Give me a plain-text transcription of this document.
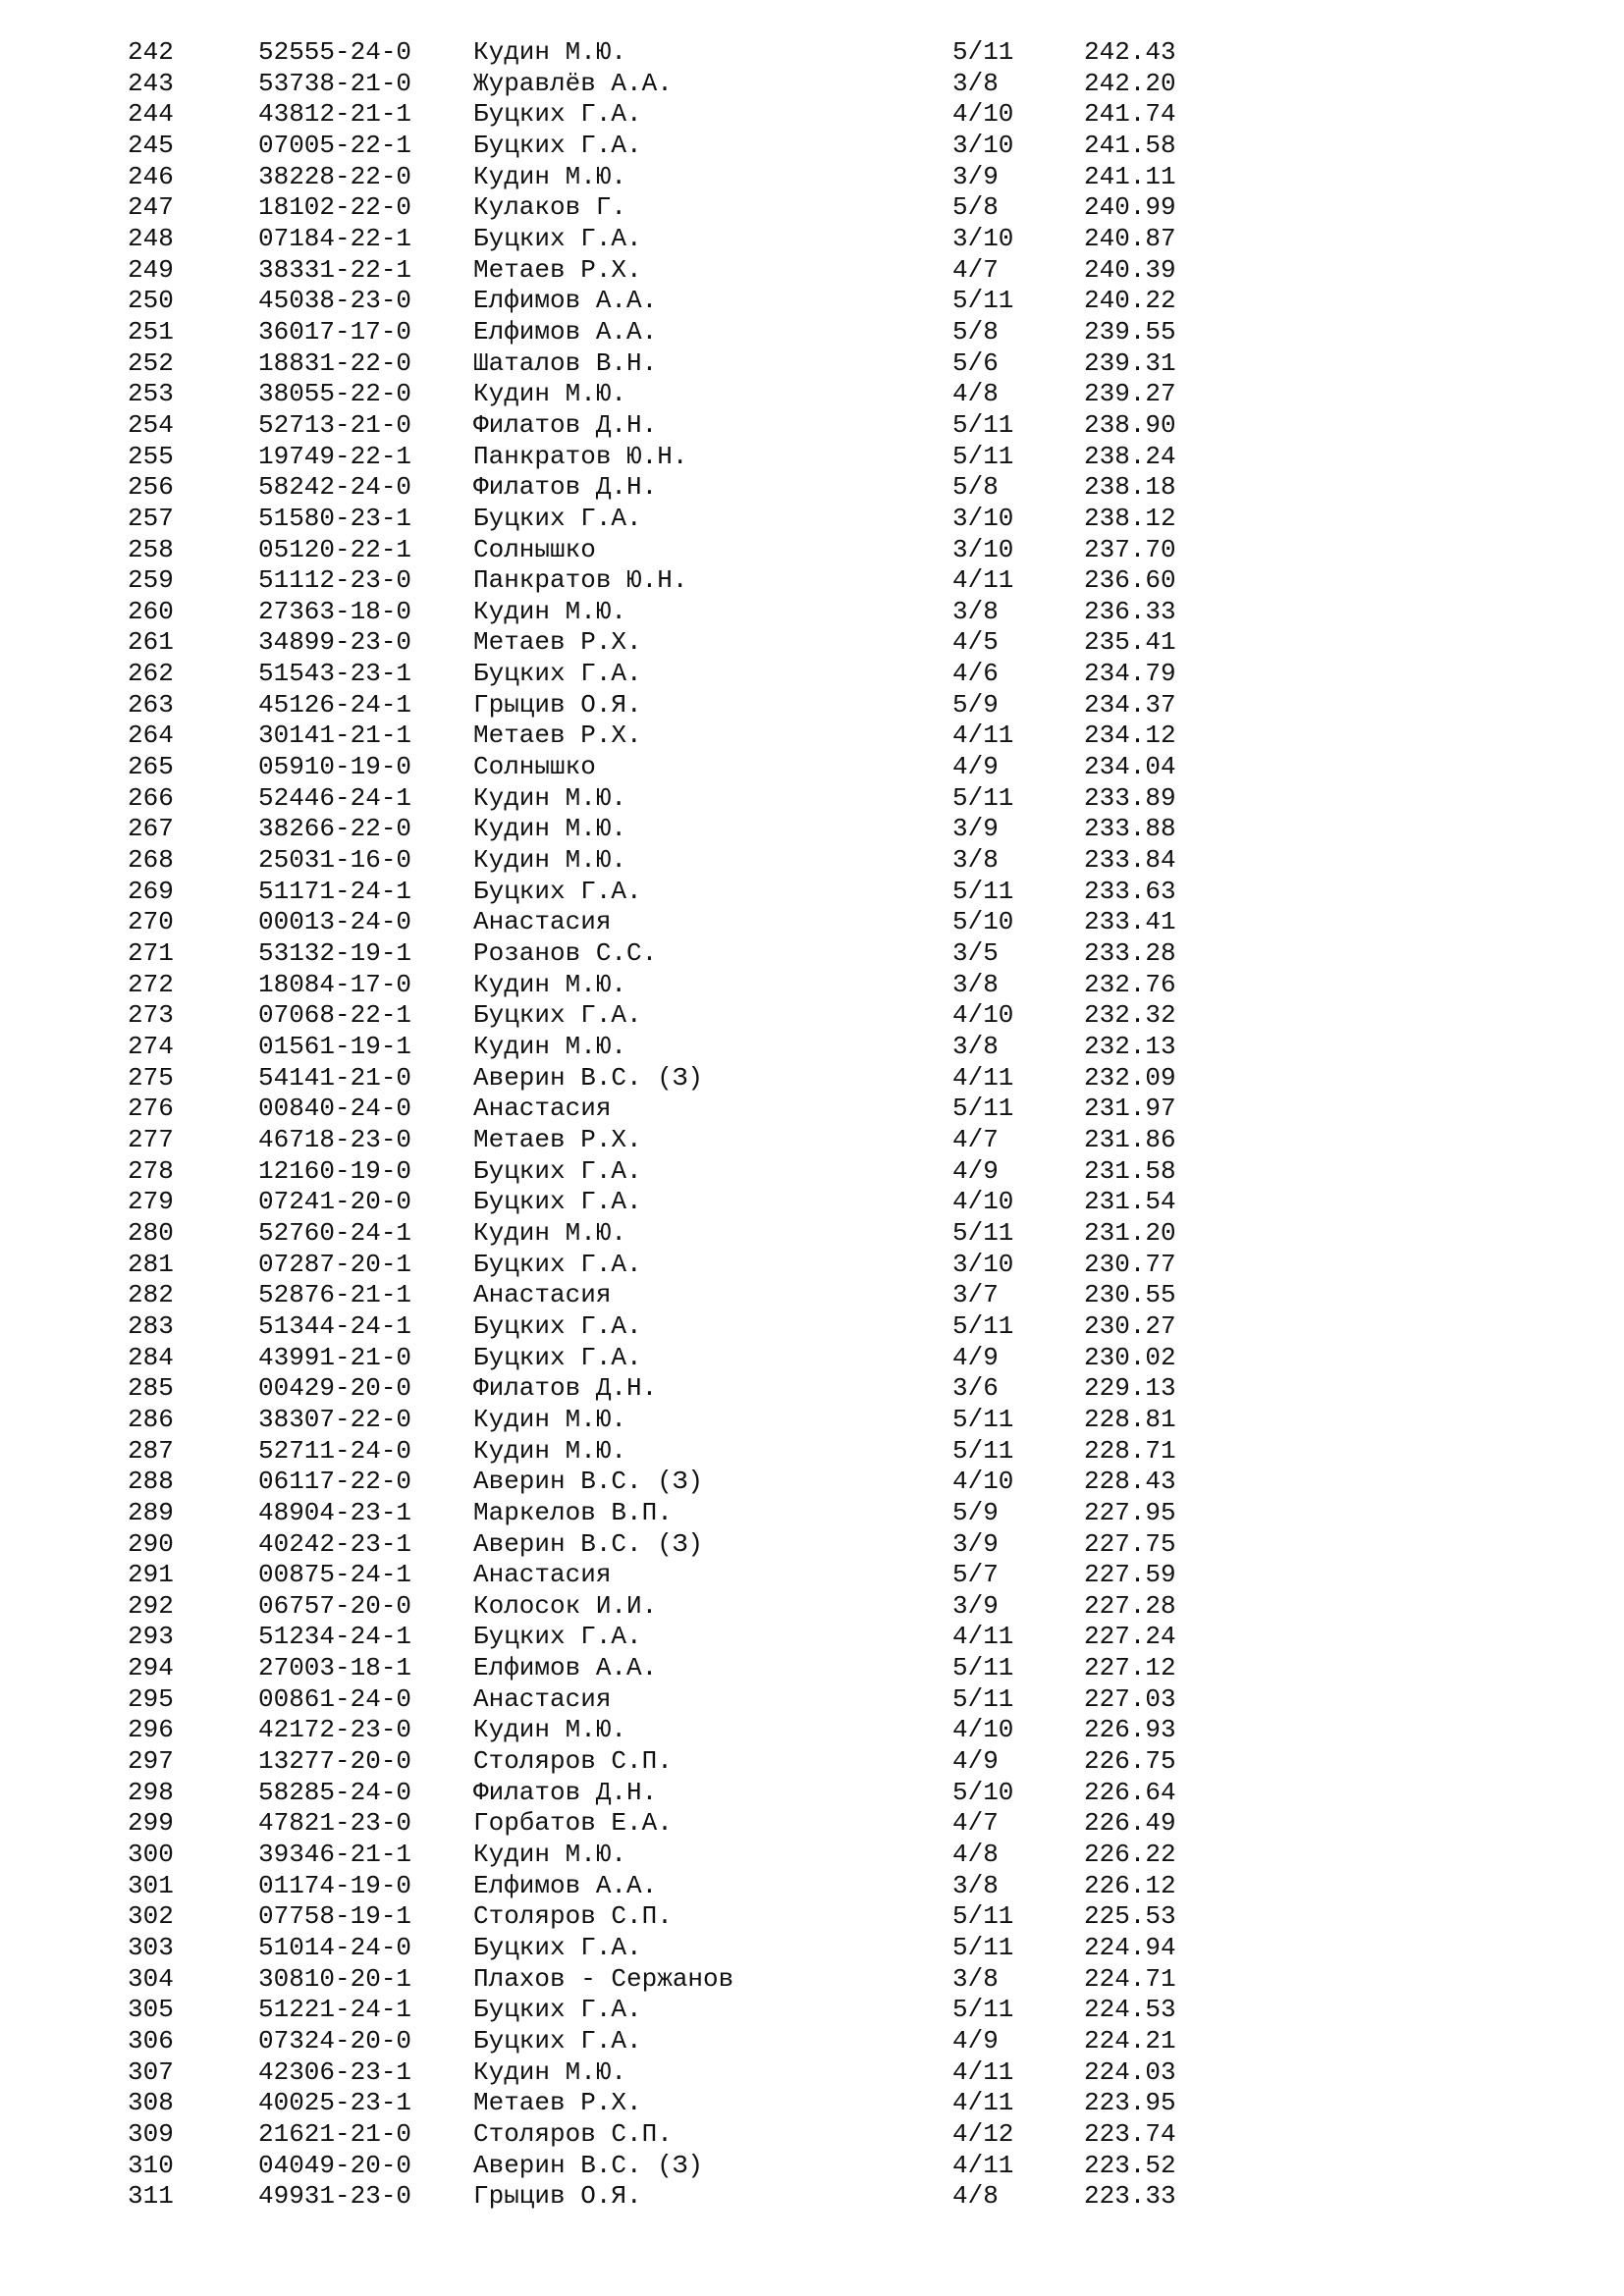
242	52555-24-0 Кудин М.Ю.	5/11	242.43
243	53738-21-0 Журавлёв А.А.	3/8	242.20
244	43812-21-1 Буцких Г.А.	4/10	241.74
245	07005-22-1 Буцких Г.А.	3/10	241.58
246	38228-22-0 Кудин М.Ю.	3/9	241.11
247	18102-22-0 Кулаков Г.	5/8	240.99
248	07184-22-1 Буцких Г.А.	3/10	240.87
249	38331-22-1 Метаев Р.Х.	4/7	240.39
250	45038-23-0 Елфимов А.А.	5/11	240.22
251	36017-17-0 Елфимов А.А.	5/8	239.55
252	18831-22-0 Шаталов В.Н.	5/6	239.31
253	38055-22-0 Кудин М.Ю.	4/8	239.27
254	52713-21-0 Филатов Д.Н.	5/11	238.90
255	19749-22-1 Панкратов Ю.Н.	5/11	238.24
256	58242-24-0 Филатов Д.Н.	5/8	238.18
257	51580-23-1 Буцких Г.А.	3/10	238.12
258	05120-22-1 Солнышко	3/10	237.70
259	51112-23-0 Панкратов Ю.Н.	4/11	236.60
260	27363-18-0 Кудин М.Ю.	3/8	236.33
261	34899-23-0 Метаев Р.Х.	4/5	235.41
262	51543-23-1 Буцких Г.А.	4/6	234.79
263	45126-24-1 Грыцив О.Я.	5/9	234.37
264	30141-21-1 Метаев Р.Х.	4/11	234.12
265	05910-19-0 Солнышко	4/9	234.04
266	52446-24-1 Кудин М.Ю.	5/11	233.89
267	38266-22-0 Кудин М.Ю.	3/9	233.88
268	25031-16-0 Кудин М.Ю.	3/8	233.84
269	51171-24-1 Буцких Г.А.	5/11	233.63
270	00013-24-0 Анастасия	5/10	233.41
271	53132-19-1 Розанов С.С.	3/5	233.28
272	18084-17-0 Кудин М.Ю.	3/8	232.76
273	07068-22-1 Буцких Г.А.	4/10	232.32
274	01561-19-1 Кудин М.Ю.	3/8	232.13
275	54141-21-0 Аверин В.С. (З)	4/11	232.09
276	00840-24-0 Анастасия	5/11	231.97
277	46718-23-0 Метаев Р.Х.	4/7	231.86
278	12160-19-0 Буцких Г.А.	4/9	231.58
279	07241-20-0 Буцких Г.А.	4/10	231.54
280	52760-24-1 Кудин М.Ю.	5/11	231.20
281	07287-20-1 Буцких Г.А.	3/10	230.77
282	52876-21-1 Анастасия	3/7	230.55
283	51344-24-1 Буцких Г.А.	5/11	230.27
284	43991-21-0 Буцких Г.А.	4/9	230.02
285	00429-20-0 Филатов Д.Н.	3/6	229.13
286	38307-22-0 Кудин М.Ю.	5/11	228.81
287	52711-24-0 Кудин М.Ю.	5/11	228.71
288	06117-22-0 Аверин В.С. (З)	4/10	228.43
289	48904-23-1 Маркелов В.П.	5/9	227.95
290	40242-23-1 Аверин В.С. (З)	3/9	227.75
291	00875-24-1 Анастасия	5/7	227.59
292	06757-20-0 Колосок И.И.	3/9	227.28
293	51234-24-1 Буцких Г.А.	4/11	227.24
294	27003-18-1 Елфимов А.А.	5/11	227.12
295	00861-24-0 Анастасия	5/11	227.03
296	42172-23-0 Кудин М.Ю.	4/10	226.93
297	13277-20-0 Столяров С.П.	4/9	226.75
298	58285-24-0 Филатов Д.Н.	5/10	226.64
299	47821-23-0 Горбатов Е.А.	4/7	226.49
300	39346-21-1 Кудин М.Ю.	4/8	226.22
301	01174-19-0 Елфимов А.А.	3/8	226.12
302	07758-19-1 Столяров С.П.	5/11	225.53
303	51014-24-0 Буцких Г.А.	5/11	224.94
304	30810-20-1 Плахов - Сержанов	3/8	224.71
305	51221-24-1 Буцких Г.А.	5/11	224.53
306	07324-20-0 Буцких Г.А.	4/9	224.21
307	42306-23-1 Кудин М.Ю.	4/11	224.03
308	40025-23-1 Метаев Р.Х.	4/11	223.95
309	21621-21-0 Столяров С.П.	4/12	223.74
310	04049-20-0 Аверин В.С. (З)	4/11	223.52
311	49931-23-0 Грыцив О.Я.	4/8	223.33
